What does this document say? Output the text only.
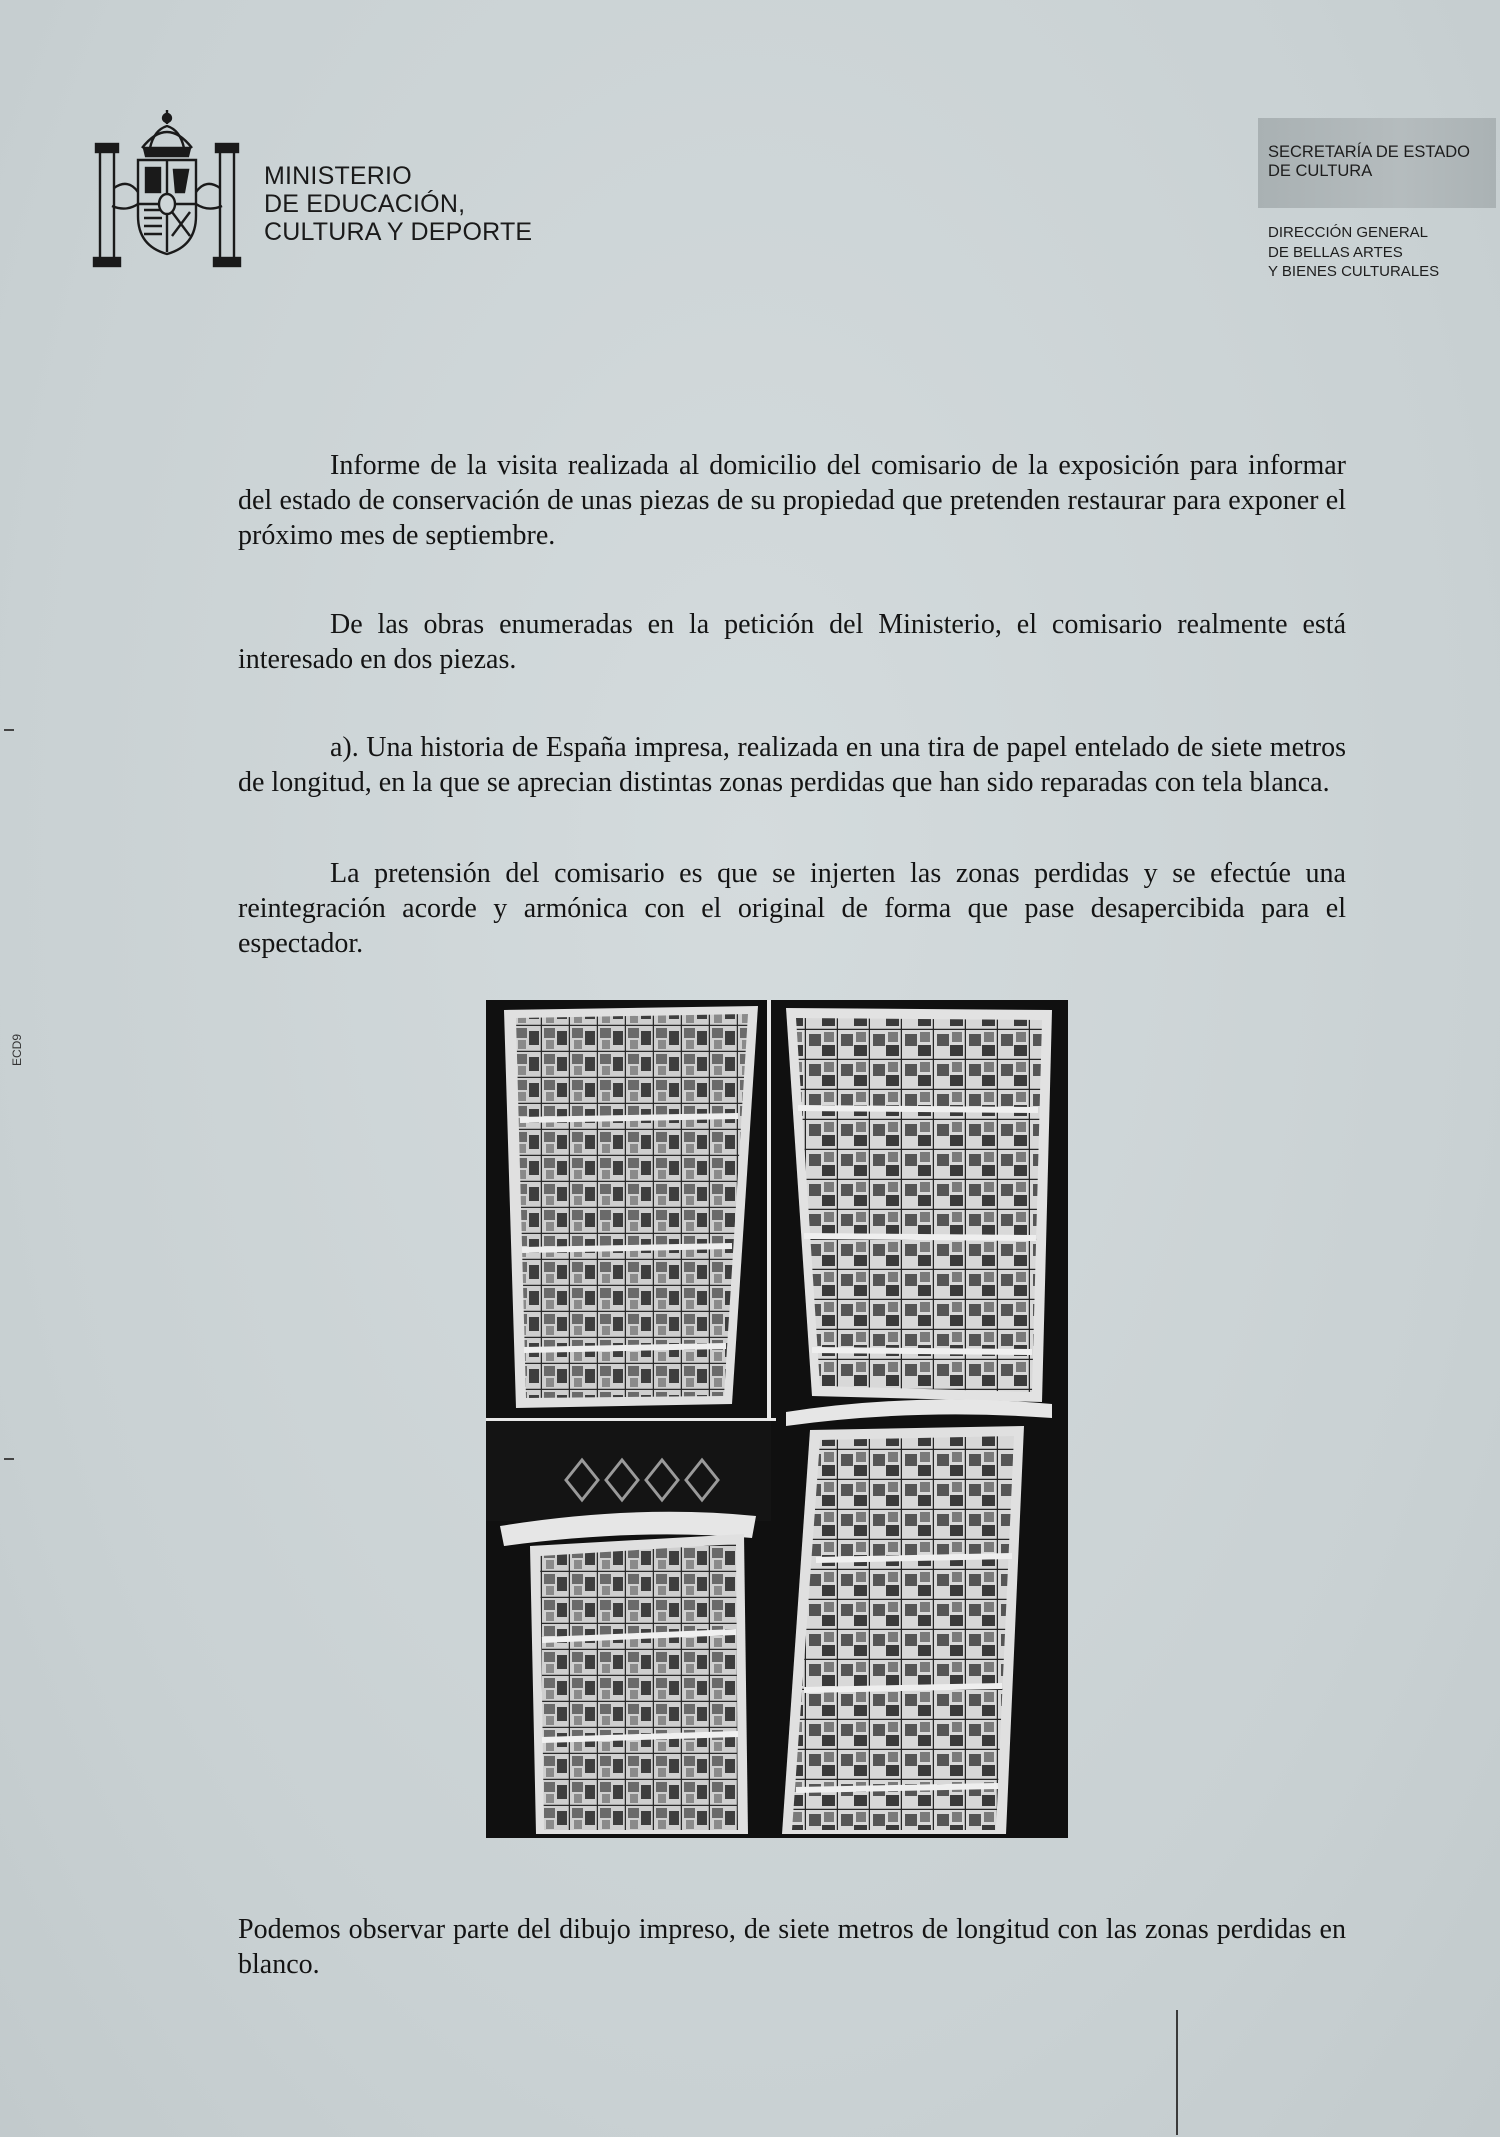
MINISTERIO
DE EDUCACIÓN,
CULTURA Y DEPORTE
SECRETARÍA DE ESTADO
DE CULTURA
DIRECCIÓN GENERAL
DE BELLAS ARTES
Y BIENES CULTURALES
ECD9

Informe de la visita realizada al domicilio del comisario de la exposición para informar del estado de conservación de unas piezas de su propiedad que pretenden restaurar para exponer el próximo mes de septiembre.

De las obras enumeradas en la petición del Ministerio, el comisario realmente está interesado en dos piezas.

a). Una historia de España impresa, realizada en una tira de papel entelado de siete metros de longitud, en la que se aprecian distintas zonas perdidas que han sido reparadas con tela blanca.

La pretensión del comisario es que se injerten las zonas perdidas y se efectúe una reintegración acorde y armónica con el original de forma que pase desapercibida para el espectador.

Podemos observar parte del dibujo impreso, de siete metros de longitud con las zonas perdidas en blanco.
